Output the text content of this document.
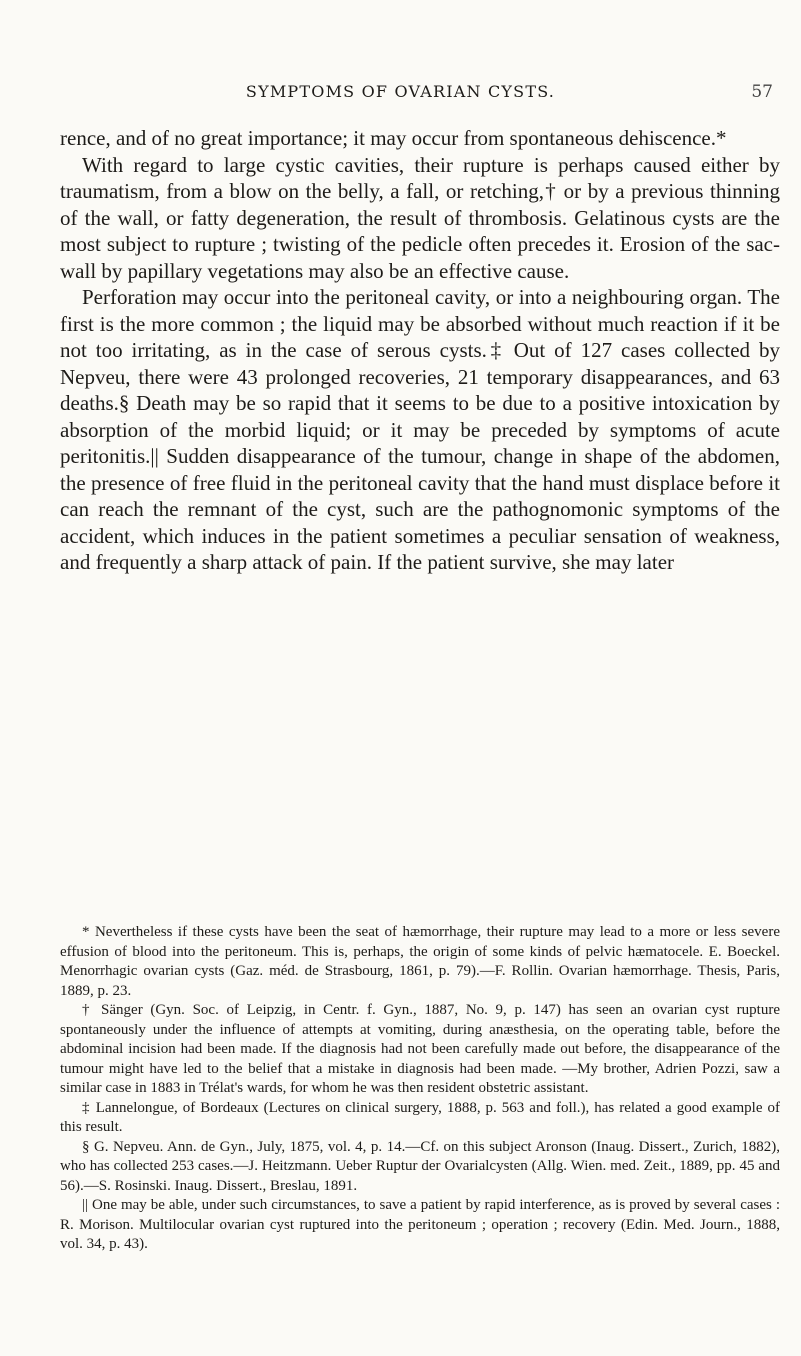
SYMPTOMS OF OVARIAN CYSTS.	57

rence, and of no great importance; it may occur from spontaneous dehiscence.*

With regard to large cystic cavities, their rupture is perhaps caused either by traumatism, from a blow on the belly, a fall, or retching,† or by a previous thinning of the wall, or fatty degeneration, the result of thrombosis. Gelatinous cysts are the most subject to rupture ; twisting of the pedicle often precedes it. Erosion of the sac-wall by papillary vegetations may also be an effective cause.

Perforation may occur into the peritoneal cavity, or into a neighbouring organ. The first is the more common ; the liquid may be absorbed without much reaction if it be not too irritating, as in the case of serous cysts.‡ Out of 127 cases collected by Nepveu, there were 43 prolonged recoveries, 21 temporary disappearances, and 63 deaths.§ Death may be so rapid that it seems to be due to a positive intoxication by absorption of the morbid liquid; or it may be preceded by symptoms of acute peritonitis.|| Sudden disappearance of the tumour, change in shape of the abdomen, the presence of free fluid in the peritoneal cavity that the hand must displace before it can reach the remnant of the cyst, such are the pathognomonic symptoms of the accident, which induces in the patient sometimes a peculiar sensation of weakness, and frequently a sharp attack of pain. If the patient survive, she may later

* Nevertheless if these cysts have been the seat of hæmorrhage, their rupture may lead to a more or less severe effusion of blood into the peritoneum. This is, perhaps, the origin of some kinds of pelvic hæmatocele. E. Boeckel. Menorrhagic ovarian cysts (Gaz. méd. de Strasbourg, 1861, p. 79).—F. Rollin. Ovarian hæmorrhage. Thesis, Paris, 1889, p. 23.

† Sänger (Gyn. Soc. of Leipzig, in Centr. f. Gyn., 1887, No. 9, p. 147) has seen an ovarian cyst rupture spontaneously under the influence of attempts at vomiting, during anæsthesia, on the operating table, before the abdominal incision had been made. If the diagnosis had not been carefully made out before, the disappearance of the tumour might have led to the belief that a mistake in diagnosis had been made. —My brother, Adrien Pozzi, saw a similar case in 1883 in Trélat's wards, for whom he was then resident obstetric assistant.

‡ Lannelongue, of Bordeaux (Lectures on clinical surgery, 1888, p. 563 and foll.), has related a good example of this result.

§ G. Nepveu. Ann. de Gyn., July, 1875, vol. 4, p. 14.—Cf. on this subject Aronson (Inaug. Dissert., Zurich, 1882), who has collected 253 cases.—J. Heitzmann. Ueber Ruptur der Ovarialcysten (Allg. Wien. med. Zeit., 1889, pp. 45 and 56).—S. Rosinski. Inaug. Dissert., Breslau, 1891.

|| One may be able, under such circumstances, to save a patient by rapid interference, as is proved by several cases : R. Morison. Multilocular ovarian cyst ruptured into the peritoneum ; operation ; recovery (Edin. Med. Journ., 1888, vol. 34, p. 43).
